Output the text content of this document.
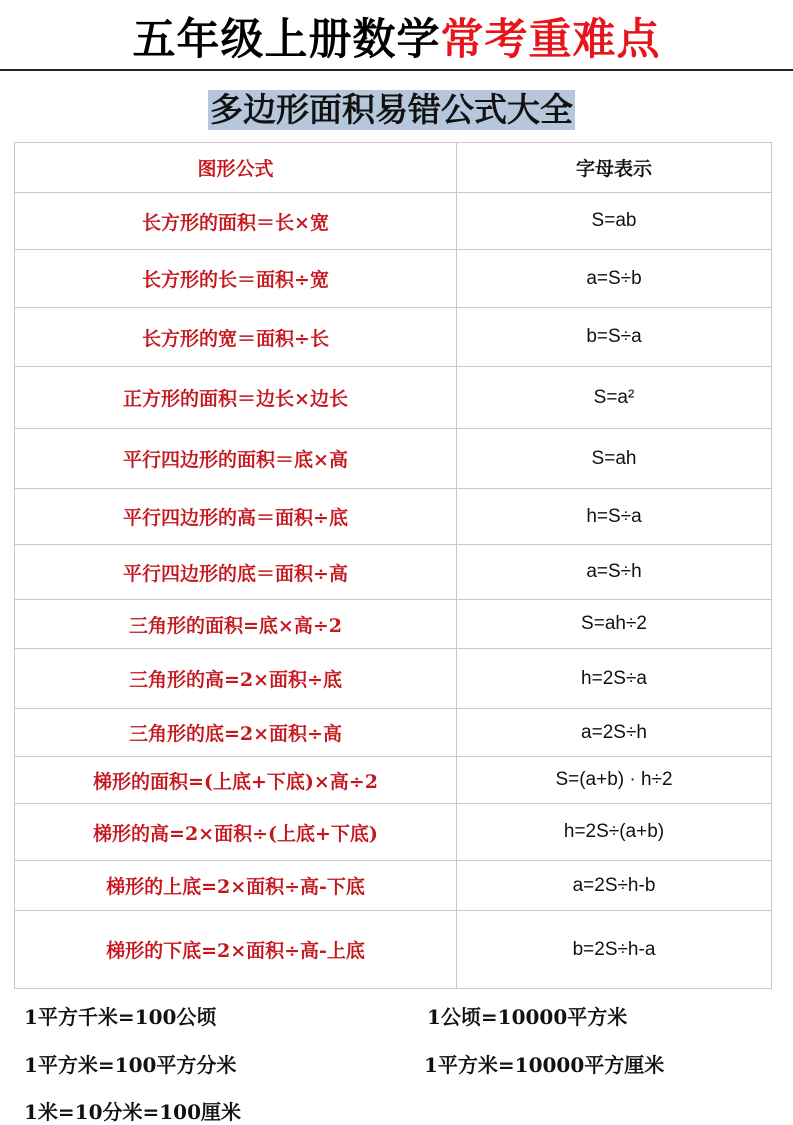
五年级上册数学常考重难点
多边形面积易错公式大全
图形公式	字母表示
长方形的面积＝长×宽	S=ab
长方形的长＝面积÷宽	a=S÷b
长方形的宽＝面积÷长	b=S÷a
正方形的面积＝边长×边长	S=a²
平行四边形的面积＝底×高	S=ah
平行四边形的高＝面积÷底	h=S÷a
平行四边形的底＝面积÷高	a=S÷h
三角形的面积=底×高÷2	S=ah÷2
三角形的高=2×面积÷底	h=2S÷a
三角形的底=2×面积÷高	a=2S÷h
梯形的面积=(上底+下底)×高÷2	S=(a+b) · h÷2
梯形的高=2×面积÷(上底+下底)	h=2S÷(a+b)
梯形的上底=2×面积÷高-下底	a=2S÷h-b
梯形的下底=2×面积÷高-上底	b=2S÷h-a
1平方千米=100公顷	1公顷=10000平方米
1平方米=100平方分米	1平方米=10000平方厘米
1米=10分米=100厘米
